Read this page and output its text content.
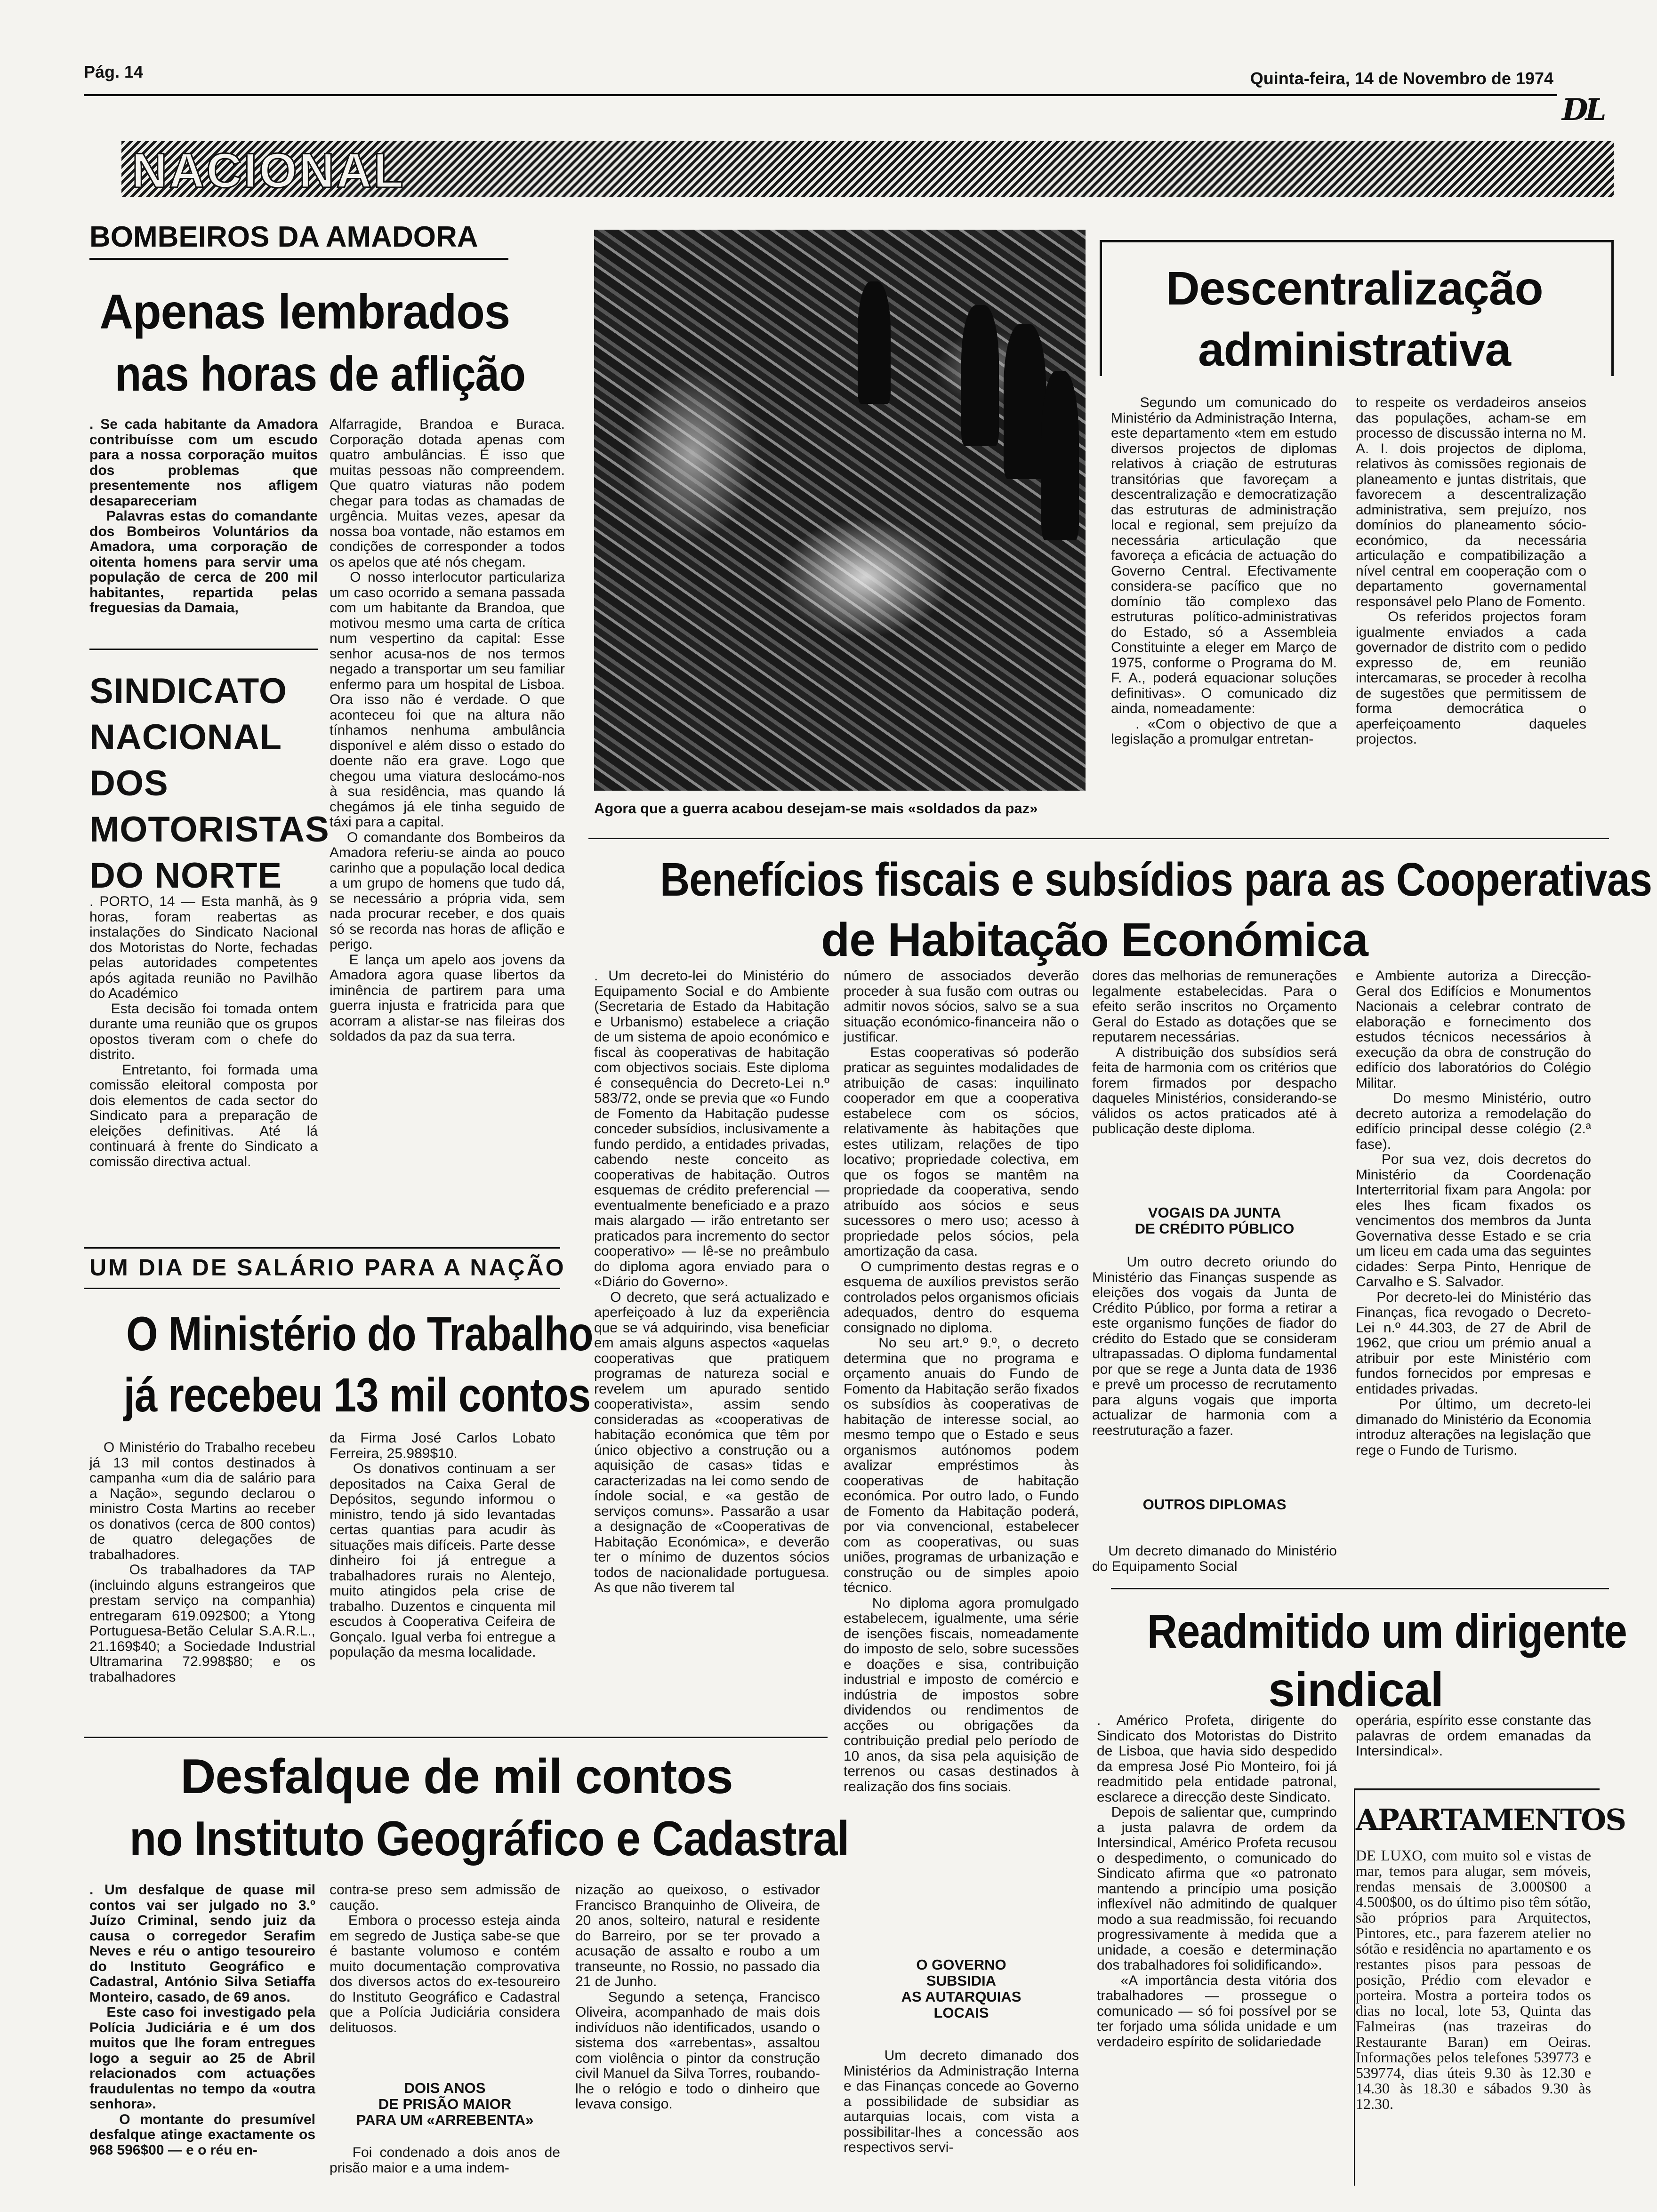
Pág. 14	Quinta-feira, 14 de Novembro de 1974
DL
NACIONAL
BOMBEIROS DA AMADORA
Apenas lembrados
nas horas de aflição
. Se cada habitante da Amadora contribuísse com um escudo para a nossa corporação muitos dos problemas que presentemente nos afligem desapareceriam
Palavras estas do comandante dos Bombeiros Voluntários da Amadora, uma corporação de oitenta homens para servir uma população de cerca de 200 mil habitantes, repartida pelas freguesias da Damaia,
Alfarragide, Brandoa e Buraca. Corporação dotada apenas com quatro ambulâncias. É isso que muitas pessoas não compreendem. Que quatro viaturas não podem chegar para todas as chamadas de urgência. Muitas vezes, apesar da nossa boa vontade, não estamos em condições de corresponder a todos os apelos que até nós chegam.
O nosso interlocutor particulariza um caso ocorrido a semana passada com um habitante da Brandoa, que motivou mesmo uma carta de crítica num vespertino da capital: Esse senhor acusa-nos de nos termos negado a transportar um seu familiar enfermo para um hospital de Lisboa. Ora isso não é verdade. O que aconteceu foi que na altura não tínhamos nenhuma ambulância disponível e além disso o estado do doente não era grave. Logo que chegou uma viatura deslocámo-nos à sua residência, mas quando lá chegámos já ele tinha seguido de táxi para a capital.
O comandante dos Bombeiros da Amadora referiu-se ainda ao pouco carinho que a população local dedica a um grupo de homens que tudo dá, se necessário a própria vida, sem nada procurar receber, e dos quais só se recorda nas horas de aflição e perigo.
E lança um apelo aos jovens da Amadora agora quase libertos da iminência de partirem para uma guerra injusta e fratricida para que acorram a alistar-se nas fileiras dos soldados da paz da sua terra.
SINDICATO NACIONAL DOS MOTORISTAS DO NORTE
. PORTO, 14 — Esta manhã, às 9 horas, foram reabertas as instalações do Sindicato Nacional dos Motoristas do Norte, fechadas pelas autoridades competentes após agitada reunião no Pavilhão do Académico
Esta decisão foi tomada ontem durante uma reunião que os grupos opostos tiveram com o chefe do distrito.
Entretanto, foi formada uma comissão eleitoral composta por dois elementos de cada sector do Sindicato para a preparação de eleições definitivas. Até lá continuará à frente do Sindicato a comissão directiva actual.
Agora que a guerra acabou desejam-se mais «soldados da paz»
Descentralização
administrativa
Segundo um comunicado do Ministério da Administração Interna, este departamento «tem em estudo diversos projectos de diplomas relativos à criação de estruturas transitórias que favoreçam a descentralização e democratização das estruturas de administração local e regional, sem prejuízo da necessária articulação que favoreça a eficácia de actuação do Governo Central. Efectivamente considera-se pacífico que no domínio tão complexo das estruturas político-administrativas do Estado, só a Assembleia Constituinte a eleger em Março de 1975, conforme o Programa do M. F. A., poderá equacionar soluções definitivas». O comunicado diz ainda, nomeadamente:
. «Com o objectivo de que a legislação a promulgar entretan-
to respeite os verdadeiros anseios das populações, acham-se em processo de discussão interna no M. A. I. dois projectos de diploma, relativos às comissões regionais de planeamento e juntas distritais, que favorecem a descentralização administrativa, sem prejuízo, nos domínios do planeamento sócio-económico, da necessária articulação e compatibilização a nível central em cooperação com o departamento governamental responsável pelo Plano de Fomento.
Os referidos projectos foram igualmente enviados a cada governador de distrito com o pedido expresso de, em reunião intercamaras, se proceder à recolha de sugestões que permitissem de forma democrática o aperfeiçoamento daqueles projectos.
Benefícios fiscais e subsídios para as Cooperativas
de Habitação Económica
. Um decreto-lei do Ministério do Equipamento Social e do Ambiente (Secretaria de Estado da Habitação e Urbanismo) estabelece a criação de um sistema de apoio económico e fiscal às cooperativas de habitação com objectivos sociais. Este diploma é consequência do Decreto-Lei n.º 583/72, onde se previa que «o Fundo de Fomento da Habitação pudesse conceder subsídios, inclusivamente a fundo perdido, a entidades privadas, cabendo neste conceito as cooperativas de habitação. Outros esquemas de crédito preferencial — eventualmente beneficiado e a prazo mais alargado — irão entretanto ser praticados para incremento do sector cooperativo» — lê-se no preâmbulo do diploma agora enviado para o «Diário do Governo».
O decreto, que será actualizado e aperfeiçoado à luz da experiência que se vá adquirindo, visa beneficiar em amais alguns aspectos «aquelas cooperativas que pratiquem programas de natureza social e revelem um apurado sentido cooperativista», assim sendo consideradas as «cooperativas de habitação económica que têm por único objectivo a construção ou a aquisição de casas» tidas e caracterizadas na lei como sendo de índole social, e «a gestão de serviços comuns». Passarão a usar a designação de «Cooperativas de Habitação Económica», e deverão ter o mínimo de duzentos sócios todos de nacionalidade portuguesa. As que não tiverem tal
número de associados deverão proceder à sua fusão com outras ou admitir novos sócios, salvo se a sua situação económico-financeira não o justificar.
Estas cooperativas só poderão praticar as seguintes modalidades de atribuição de casas: inquilinato cooperador em que a cooperativa estabelece com os sócios, relativamente às habitações que estes utilizam, relações de tipo locativo; propriedade colectiva, em que os fogos se mantêm na propriedade da cooperativa, sendo atribuído aos sócios e seus sucessores o mero uso; acesso à propriedade pelos sócios, pela amortização da casa.
O cumprimento destas regras e o esquema de auxílios previstos serão controlados pelos organismos oficiais adequados, dentro do esquema consignado no diploma.
No seu art.º 9.º, o decreto determina que no programa e orçamento anuais do Fundo de Fomento da Habitação serão fixados os subsídios às cooperativas de habitação de interesse social, ao mesmo tempo que o Estado e seus organismos autónomos podem avalizar empréstimos às cooperativas de habitação económica. Por outro lado, o Fundo de Fomento da Habitação poderá, por via convencional, estabelecer com as cooperativas, ou suas uniões, programas de urbanização e construção ou de simples apoio técnico.
No diploma agora promulgado estabelecem, igualmente, uma série de isenções fiscais, nomeadamente do imposto de selo, sobre sucessões e doações e sisa, contribuição industrial e imposto de comércio e indústria de impostos sobre dividendos ou rendimentos de acções ou obrigações da contribuição predial pelo período de 10 anos, da sisa pela aquisição de terrenos ou casas destinados à realização dos fins sociais.
O GOVERNO
SUBSIDIA
AS AUTARQUIAS
LOCAIS
Um decreto dimanado dos Ministérios da Administração Interna e das Finanças concede ao Governo a possibilidade de subsidiar as autarquias locais, com vista a possibilitar-lhes a concessão aos respectivos servi-
dores das melhorias de remunerações legalmente estabelecidas. Para o efeito serão inscritos no Orçamento Geral do Estado as dotações que se reputarem necessárias.
A distribuição dos subsídios será feita de harmonia com os critérios que forem firmados por despacho daqueles Ministérios, considerando-se válidos os actos praticados até à publicação deste diploma.
VOGAIS DA JUNTA
DE CRÉDITO PÚBLICO
Um outro decreto oriundo do Ministério das Finanças suspende as eleições dos vogais da Junta de Crédito Público, por forma a retirar a este organismo funções de fiador do crédito do Estado que se consideram ultrapassadas. O diploma fundamental por que se rege a Junta data de 1936 e prevê um processo de recrutamento para alguns vogais que importa actualizar de harmonia com a reestruturação a fazer.
OUTROS DIPLOMAS
Um decreto dimanado do Ministério do Equipamento Social
e Ambiente autoriza a Direcção-Geral dos Edifícios e Monumentos Nacionais a celebrar contrato de elaboração e fornecimento dos estudos técnicos necessários à execução da obra de construção do edifício dos laboratórios do Colégio Militar.
Do mesmo Ministério, outro decreto autoriza a remodelação do edifício principal desse colégio (2.ª fase).
Por sua vez, dois decretos do Ministério da Coordenação Interterritorial fixam para Angola: por eles lhes ficam fixados os vencimentos dos membros da Junta Governativa desse Estado e se cria um liceu em cada uma das seguintes cidades: Serpa Pinto, Henrique de Carvalho e S. Salvador.
Por decreto-lei do Ministério das Finanças, fica revogado o Decreto-Lei n.º 44.303, de 27 de Abril de 1962, que criou um prémio anual a atribuir por este Ministério com fundos fornecidos por empresas e entidades privadas.
Por último, um decreto-lei dimanado do Ministério da Economia introduz alterações na legislação que rege o Fundo de Turismo.
UM DIA DE SALÁRIO PARA A NAÇÃO
O Ministério do Trabalho
já recebeu 13 mil contos
O Ministério do Trabalho recebeu já 13 mil contos destinados à campanha «um dia de salário para a Nação», segundo declarou o ministro Costa Martins ao receber os donativos (cerca de 800 contos) de quatro delegações de trabalhadores.
Os trabalhadores da TAP (incluindo alguns estrangeiros que prestam serviço na companhia) entregaram 619.092$00; a Ytong Portuguesa-Betão Celular S.A.R.L., 21.169$40; a Sociedade Industrial Ultramarina 72.998$80; e os trabalhadores
da Firma José Carlos Lobato Ferreira, 25.989$10.
Os donativos continuam a ser depositados na Caixa Geral de Depósitos, segundo informou o ministro, tendo já sido levantadas certas quantias para acudir às situações mais difíceis. Parte desse dinheiro foi já entregue a trabalhadores rurais no Alentejo, muito atingidos pela crise de trabalho. Duzentos e cinquenta mil escudos à Cooperativa Ceifeira de Gonçalo. Igual verba foi entregue a população da mesma localidade.	Readmitido um dirigente
sindical
. Américo Profeta, dirigente do Sindicato dos Motoristas do Distrito de Lisboa, que havia sido despedido da empresa José Pio Monteiro, foi já readmitido pela entidade patronal, esclarece a direcção deste Sindicato.
Depois de salientar que, cumprindo a justa palavra de ordem da Intersindical, Américo Profeta recusou o despedimento, o comunicado do Sindicato afirma que «o patronato mantendo a princípio uma posição inflexível não admitindo de qualquer modo a sua readmissão, foi recuando progressivamente à medida que a unidade, a coesão e determinação dos trabalhadores foi solidificando».
«A importância desta vitória dos trabalhadores — prossegue o comunicado — só foi possível por se ter forjado uma sólida unidade e um verdadeiro espírito de solidariedade
operária, espírito esse constante das palavras de ordem emanadas da Intersindical».
APARTAMENTOS
DE LUXO, com muito sol e vistas de mar, temos para alugar, sem móveis, rendas mensais de 3.000$00 a 4.500$00, os do último piso têm sótão, são próprios para Arquitectos, Pintores, etc., para fazerem atelier no sótão e residência no apartamento e os restantes pisos para pessoas de posição, Prédio com elevador e porteira. Mostra a porteira todos os dias no local, lote 53, Quinta das Falmeiras (nas trazeiras do Restaurante Baran) em Oeiras. Informações pelos telefones 539773 e 539774, dias úteis 9.30 às 12.30 e 14.30 às 18.30 e sábados 9.30 às 12.30.
Desfalque de mil contos
no Instituto Geográfico e Cadastral
. Um desfalque de quase mil contos vai ser julgado no 3.º Juízo Criminal, sendo juiz da causa o corregedor Serafim Neves e réu o antigo tesoureiro do Instituto Geográfico e Cadastral, António Silva Setiaffa Monteiro, casado, de 69 anos.
Este caso foi investigado pela Polícia Judiciária e é um dos muitos que lhe foram entregues logo a seguir ao 25 de Abril relacionados com actuações fraudulentas no tempo da «outra senhora».
O montante do presumível desfalque atinge exactamente os 968 596$00 — e o réu en-
contra-se preso sem admissão de caução.
Embora o processo esteja ainda em segredo de Justiça sabe-se que é bastante volumoso e contém muito documentação comprovativa dos diversos actos do ex-tesoureiro do Instituto Geográfico e Cadastral que a Polícia Judiciária considera delituosos.
DOIS ANOS
DE PRISÃO MAIOR
PARA UM «ARREBENTA»
Foi condenado a dois anos de prisão maior e a uma indem-
nização ao queixoso, o estivador Francisco Branquinho de Oliveira, de 20 anos, solteiro, natural e residente do Barreiro, por se ter provado a acusação de assalto e roubo a um transeunte, no Rossio, no passado dia 21 de Junho.
Segundo a setença, Francisco Oliveira, acompanhado de mais dois indivíduos não identificados, usando o sistema dos «arrebentas», assaltou com violência o pintor da construção civil Manuel da Silva Torres, roubando-lhe o relógio e todo o dinheiro que levava consigo.
